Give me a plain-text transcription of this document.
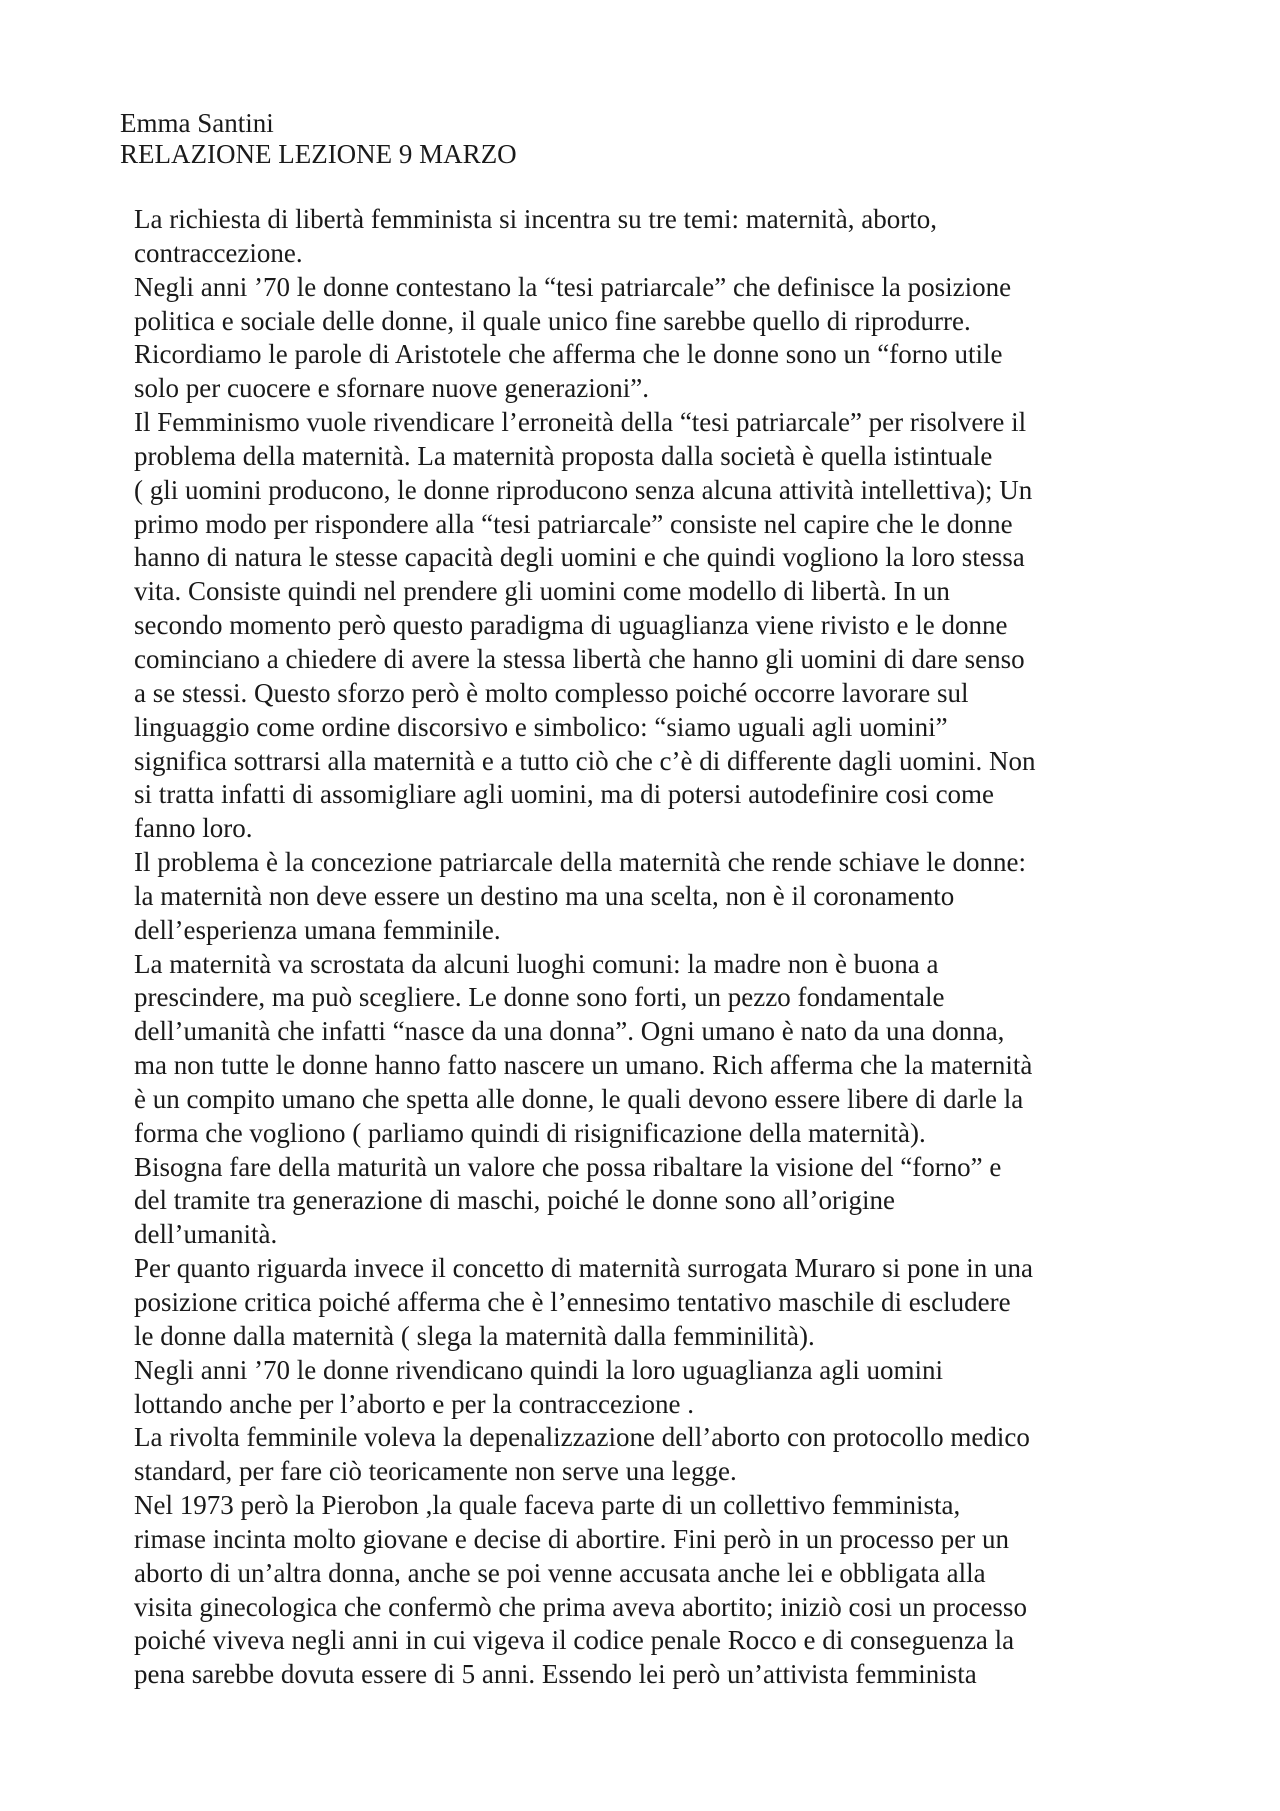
Emma Santini
RELAZIONE LEZIONE 9 MARZO
La richiesta di libertà femminista si incentra su tre temi: maternità, aborto,
contraccezione.
Negli anni ’70 le donne contestano la “tesi patriarcale” che definisce la posizione
politica e sociale delle donne, il quale unico fine sarebbe quello di riprodurre.
Ricordiamo le parole di Aristotele che afferma che le donne sono un “forno utile
solo per cuocere e sfornare nuove generazioni”.
Il Femminismo vuole rivendicare l’erroneità della “tesi patriarcale” per risolvere il
problema della maternità. La maternità proposta dalla società è quella istintuale
( gli uomini producono, le donne riproducono senza alcuna attività intellettiva); Un
primo modo per rispondere alla “tesi patriarcale” consiste nel capire che le donne
hanno di natura le stesse capacità degli uomini e che quindi vogliono la loro stessa
vita. Consiste quindi nel prendere gli uomini come modello di libertà. In un
secondo momento però questo paradigma di uguaglianza viene rivisto e le donne
cominciano a chiedere di avere la stessa libertà che hanno gli uomini di dare senso
a se stessi. Questo sforzo però è molto complesso poiché occorre lavorare sul
linguaggio come ordine discorsivo e simbolico: “siamo uguali agli uomini”
significa sottrarsi alla maternità e a tutto ciò che c’è di differente dagli uomini. Non
si tratta infatti di assomigliare agli uomini, ma di potersi autodefinire cosi come
fanno loro.
Il problema è la concezione patriarcale della maternità che rende schiave le donne:
la maternità non deve essere un destino ma una scelta, non è il coronamento
dell’esperienza umana femminile.
La maternità va scrostata da alcuni luoghi comuni: la madre non è buona a
prescindere, ma può scegliere. Le donne sono forti, un pezzo fondamentale
dell’umanità che infatti “nasce da una donna”. Ogni umano è nato da una donna,
ma non tutte le donne hanno fatto nascere un umano. Rich afferma che la maternità
è un compito umano che spetta alle donne, le quali devono essere libere di darle la
forma che vogliono ( parliamo quindi di risignificazione della maternità).
Bisogna fare della maturità un valore che possa ribaltare la visione del “forno” e
del tramite tra generazione di maschi, poiché le donne sono all’origine
dell’umanità.
Per quanto riguarda invece il concetto di maternità surrogata Muraro si pone in una
posizione critica poiché afferma che è l’ennesimo tentativo maschile di escludere
le donne dalla maternità ( slega la maternità dalla femminilità).
Negli anni ’70 le donne rivendicano quindi la loro uguaglianza agli uomini
lottando anche per l’aborto e per la contraccezione .
La rivolta femminile voleva la depenalizzazione dell’aborto con protocollo medico
standard, per fare ciò teoricamente non serve una legge.
Nel 1973 però la Pierobon ,la quale faceva parte di un collettivo femminista,
rimase incinta molto giovane e decise di abortire. Fini però in un processo per un
aborto di un’altra donna, anche se poi venne accusata anche lei e obbligata alla
visita ginecologica che confermò che prima aveva abortito; iniziò cosi un processo
poiché viveva negli anni in cui vigeva il codice penale Rocco e di conseguenza la
pena sarebbe dovuta essere di 5 anni. Essendo lei però un’attivista femminista
